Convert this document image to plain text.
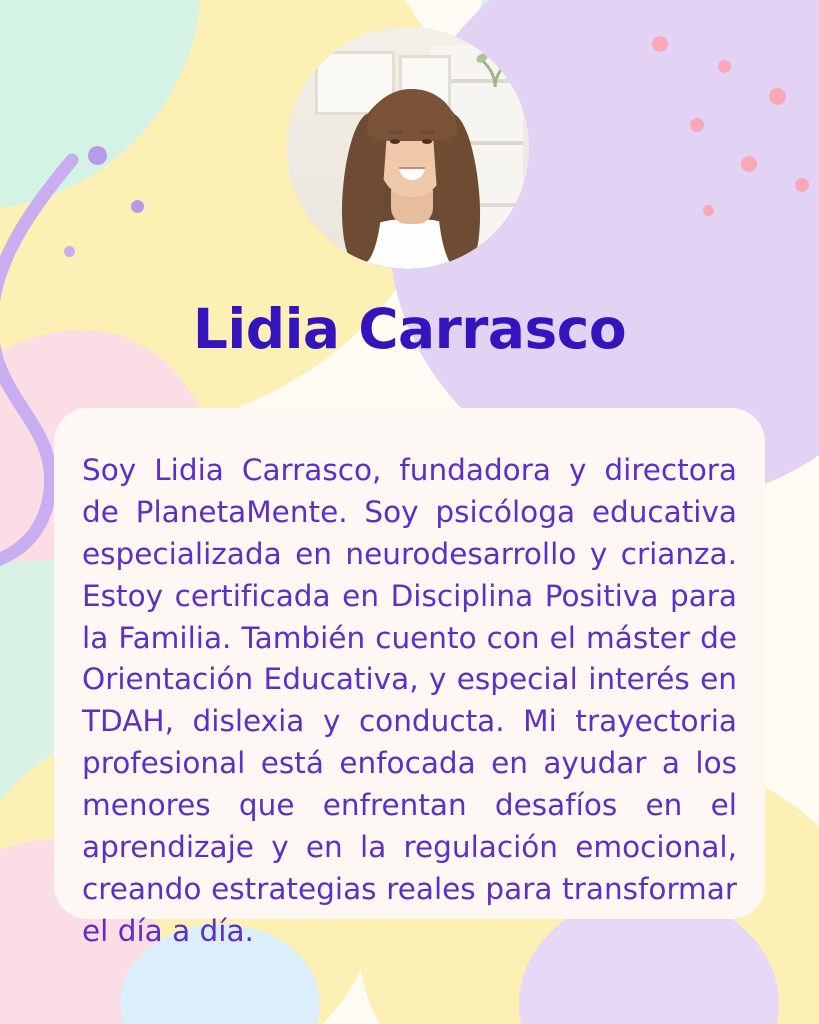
Lidia Carrasco

Soy Lidia Carrasco, fundadora y directora de PlanetaMente. Soy psicóloga educativa especializada en neurodesarrollo y crianza. Estoy certificada en Disciplina Positiva para la Familia. También cuento con el máster de Orientación Educativa, y especial interés en TDAH, dislexia y conducta. Mi trayectoria profesional está enfocada en ayudar a los menores que enfrentan desafíos en el aprendizaje y en la regulación emocional, creando estrategias reales para transformar el día a día.
